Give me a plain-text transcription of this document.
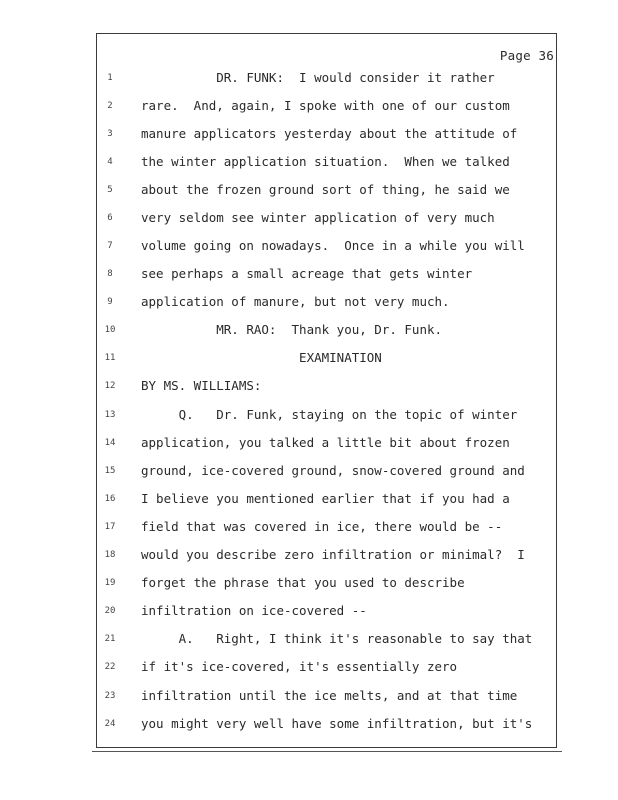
Page 36
1 DR. FUNK:  I would consider it rather
2 rare.  And, again, I spoke with one of our custom
3 manure applicators yesterday about the attitude of
4 the winter application situation.  When we talked
5 about the frozen ground sort of thing, he said we
6 very seldom see winter application of very much
7 volume going on nowadays.  Once in a while you will
8 see perhaps a small acreage that gets winter
9 application of manure, but not very much.
10 MR. RAO:  Thank you, Dr. Funk.
11 EXAMINATION
12 BY MS. WILLIAMS:
13 Q.   Dr. Funk, staying on the topic of winter
14 application, you talked a little bit about frozen
15 ground, ice-covered ground, snow-covered ground and
16 I believe you mentioned earlier that if you had a
17 field that was covered in ice, there would be --
18 would you describe zero infiltration or minimal?  I
19 forget the phrase that you used to describe
20 infiltration on ice-covered --
21 A.   Right, I think it's reasonable to say that
22 if it's ice-covered, it's essentially zero
23 infiltration until the ice melts, and at that time
24 you might very well have some infiltration, but it's
